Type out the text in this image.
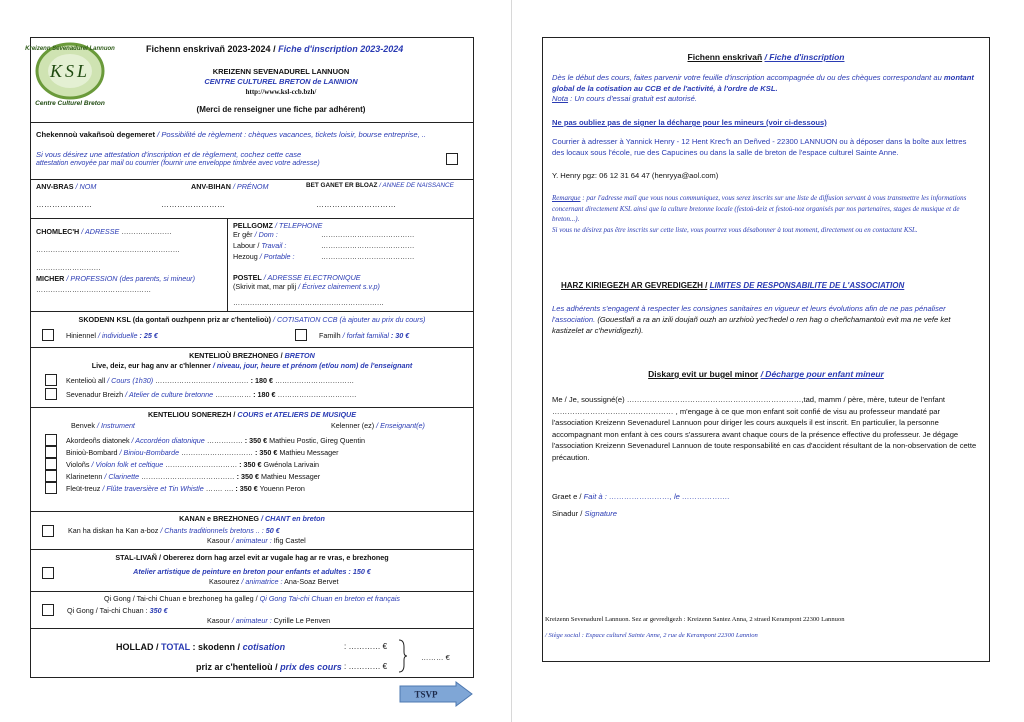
Kreizenn Sevenadurel Lannuon
KSL
Centre Culturel Breton
Fichenn enskrivañ 2023-2024 / Fiche d'inscription 2023-2024
KREIZENN SEVENADUREL LANNUON
CENTRE CULTUREL BRETON de LANNION
http://www.ksl-ccb.bzh/
(Merci de renseigner une fiche par adhérent)
Chekennoù vakañsoù degemeret / Possibilité de règlement : chèques vacances, tickets loisir, bourse entreprise, ..
Si vous désirez une attestation d'inscription et de règlement, cochez cette case
attestation envoyée par mail ou courrier (fournir une enveloppe timbrée avec votre adresse)
ANV-BRAS / NOM	ANV-BIHAN / PRÉNOM	BET GANET ER BLOAZ / ANNEE DE NAISSANCE
…………………	……………………	…………………………
CHOMLEC'H / ADRESSE …………………
……………………………………………………
………………………
MICHER / PROFESSION (des parents, si mineur) …………………………………………
PELLGOMZ / TELEPHONE
Er gêr / Dom :	…………………………………
Labour / Travail :	…………………………………
Hezoug / Portable :	…………………………………
POSTEL / ADRESSE ELECTRONIQUE
(Skrivit mat, mar plij / Écrivez clairement s.v.p)
………………………………………………………
SKODENN KSL (da gontañ ouzhpenn priz ar c'hentelioù) / COTISATION CCB (à ajouter au prix du cours)
Hiniennel / individuelle : 25 €	Familh / forfait familial : 30 €
KENTELIOÙ BREZHONEG / BRETON
Live, deiz, eur hag anv ar c'hlenner / niveau, jour, heure et prénom (et/ou nom) de l'enseignant
Kentelioù all / Cours (1h30) ………………………………… : 180 € ……………………………
Sevenadur Breizh / Atelier de culture bretonne …………… : 180 € ……………………………
KENTELIOU SONEREZH / COURS et ATELIERS DE MUSIQUE
Benvek / Instrument	Kelenner (ez) / Enseignant(e)
Akordeoñs diatonek / Accordéon diatonique …………… : 350 € Mathieu Postic, Gireg Quentin
Binioù-Bombard / Biniou-Bombarde ………………………… : 350 € Mathieu Messager
Violoñs / Violon folk et celtique ………………………… : 350 € Gwénola Larivain
Klarinetenn / Clarinette ………………………………… : 350 € Mathieu Messager
Fleüt-treuz / Flûte traversière et Tin Whistle ……. …. : 350 € Youenn Peron
KANAN e BREZHONEG / CHANT en breton
Kan ha diskan ha Kan a-boz / Chants traditionnels bretons .. : 50 €
Kasour / animateur : Ifig Castel
STAL-LIVAÑ / Obererez dorn hag arzel evit ar vugale hag ar re vras, e brezhoneg
Atelier artistique de peinture en breton pour enfants et adultes : 150 €
Kasourez / animatrice : Ana-Soaz Bervet
Qi Gong / Tai-chi Chuan e brezhoneg ha galleg / Qi Gong Tai-chi Chuan en breton et français
Qi Gong / Tai-chi Chuan : 350 €
Kasour / animateur : Cyrille Le Penven
HOLLAD / TOTAL : skodenn / cotisation	: ………… €
priz ar c'hentelioù / prix des cours : ………… €
……… €
TSVP
Fichenn enskrivañ / Fiche d'inscription
Dès le début des cours, faites parvenir votre feuille d'inscription accompagnée du ou des chèques correspondant au montant global de la cotisation au CCB et de l'activité, à l'ordre de KSL.
Nota : Un cours d'essai gratuit est autorisé.
Ne pas oubliez pas de signer la décharge pour les mineurs (voir ci-dessous)
Courrier à adresser à Yannick Henry - 12 Hent Krec'h an Deñved - 22300 LANNUON ou à déposer dans la boîte aux lettres des locaux sous l'école, rue des Capucines ou dans la salle de breton de l'espace culturel Sainte Anne.
Y. Henry pgz: 06 12 31 64 47 (henryya@aol.com)
Remarque : par l'adresse mail que vous nous communiquez, vous serez inscrits sur une liste de diffusion servant à vous transmettre les informations concernant directement KSL ainsi que la culture bretonne locale (festoù-deiz et festoù-noz organisés par nos partenaires, stages de musique et de breton...).
Si vous ne désirez pas être inscrits sur cette liste, vous pourrez vous désabonner à tout moment, directement ou en contactant KSL.
HARZ KIRIEGEZH AR GEVREDIGEZH / LIMITES DE RESPONSABILITE DE L'ASSOCIATION
Les adhérents s'engagent à respecter les consignes sanitaires en vigueur et leurs évolutions afin de ne pas pénaliser l'association. (Gouestlañ a ra an izili doujañ ouzh an urzhioù yec'hedel o ren hag o cheñchamantoù evit ma ne vefe ket kastizelet ar c'hevridigezh).
Diskarg evit ur bugel minor / Décharge pour enfant mineur
Me / Je, soussigné(e) ……………………………………………………………,tad, mamm / père, mère, tuteur de l'enfant ………………………………………… , m'engage à ce que mon enfant soit confié de visu au professeur mandaté par l'association Kreizenn Sevenadurel Lannuon pour diriger les cours auxquels il est inscrit. En particulier, la personne accompagnant mon enfant à ces cours s'assurera avant chaque cours de la présence effective du professeur. Je dégage l'association Kreizenn Sevenadurel Lannuon de toute responsabilité en cas d'accident résultant de la non-observation de cette précaution.
Graet e / Fait à : ……………………, le ……………….
Sinadur / Signature
Kreizenn Sevenadurel Lannuon. Sez ar gevredigezh : Kreizenn Santez Anna, 2 straed Kerampont 22300 Lannuon
/ Siège social : Espace culturel Sainte Anne, 2 rue de Kerampont 22300 Lannion
